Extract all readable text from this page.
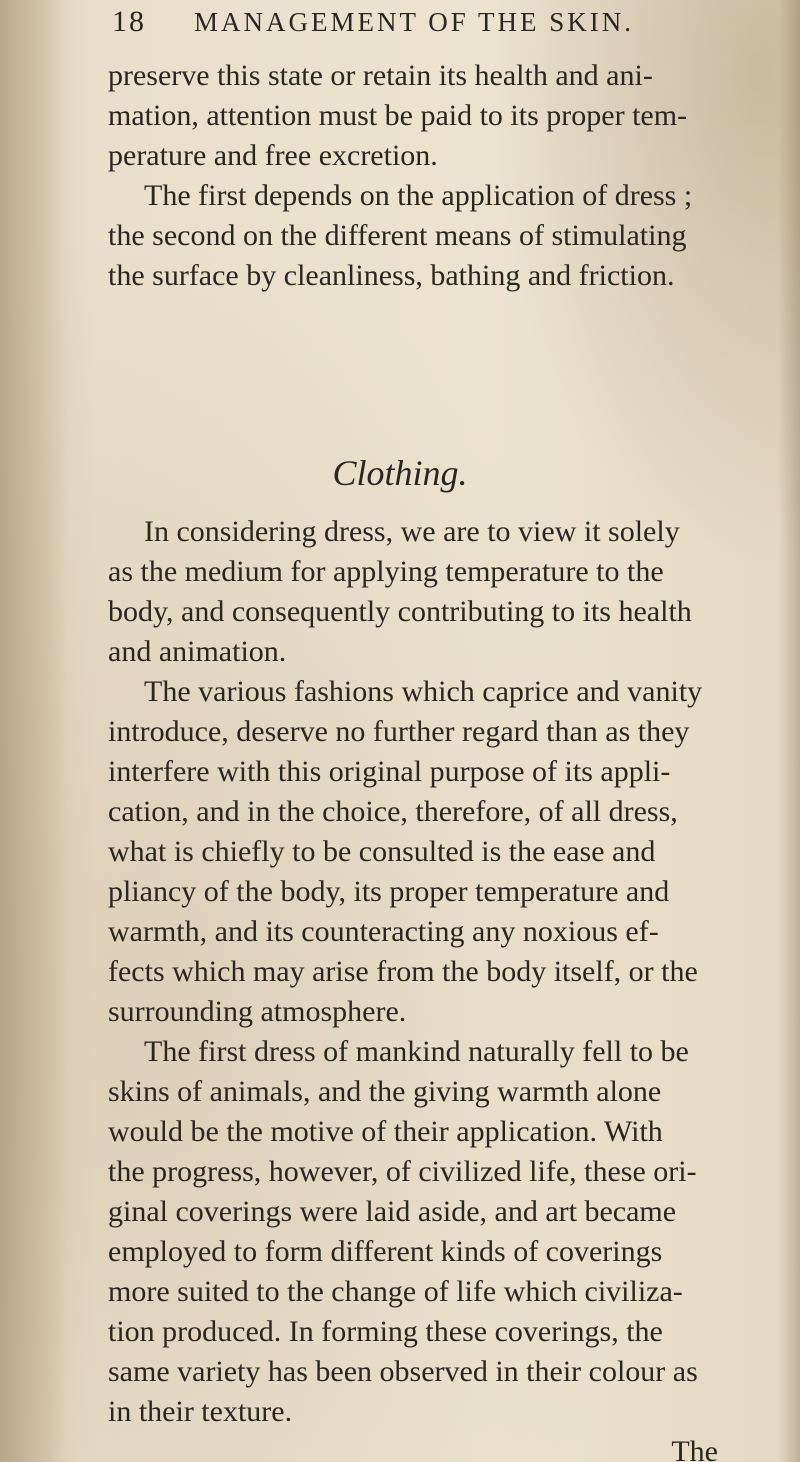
18	MANAGEMENT OF THE SKIN.
preserve this state or retain its health and ani-
mation, attention must be paid to its proper tem-
perature and free excretion.
The first depends on the application of dress ;
the second on the different means of stimulating
the surface by cleanliness, bathing and friction.
Clothing.
In considering dress, we are to view it solely
as the medium for applying temperature to the
body, and consequently contributing to its health
and animation.
The various fashions which caprice and vanity
introduce, deserve no further regard than as they
interfere with this original purpose of its appli-
cation, and in the choice, therefore, of all dress,
what is chiefly to be consulted is the ease and
pliancy of the body, its proper temperature and
warmth, and its counteracting any noxious ef-
fects which may arise from the body itself, or the
surrounding atmosphere.
The first dress of mankind naturally fell to be
skins of animals, and the giving warmth alone
would be the motive of their application. With
the progress, however, of civilized life, these ori-
ginal coverings were laid aside, and art became
employed to form different kinds of coverings
more suited to the change of life which civiliza-
tion produced. In forming these coverings, the
same variety has been observed in their colour as
in their texture.
The
